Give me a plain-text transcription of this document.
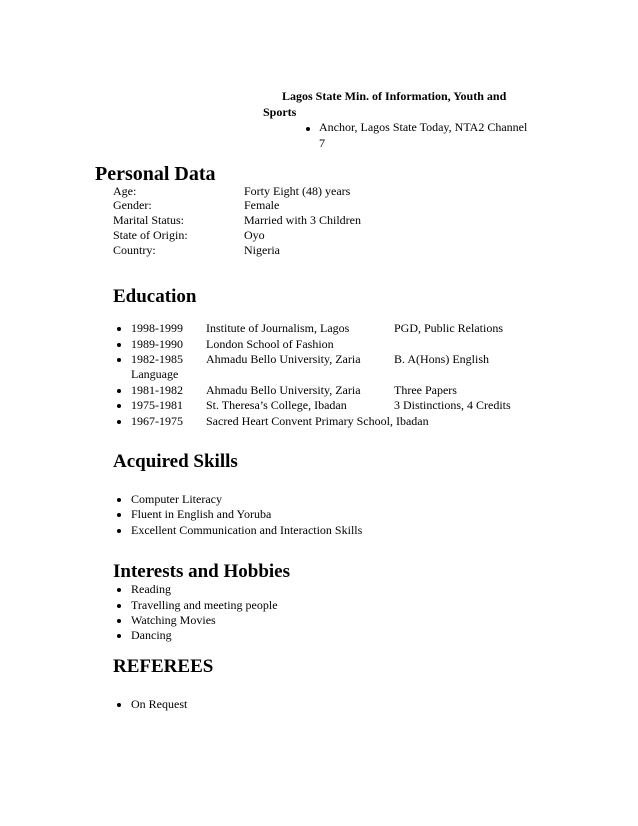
Lagos State Min. of Information, Youth and
Sports
Anchor, Lagos State Today, NTA2 Channel
7
Personal Data
Age:	Forty Eight (48) years
Gender:	Female
Marital Status:	Married with 3 Children
State of Origin:	Oyo
Country:	Nigeria
Education
1998-1999 Institute of Journalism, Lagos	PGD, Public Relations
1989-1990 London School of Fashion
1982-1985 Ahmadu Bello University, Zaria	B. A(Hons) English
Language
1981-1982 Ahmadu Bello University, Zaria	Three Papers
1975-1981 St. Theresa’s College, Ibadan	3 Distinctions, 4 Credits
1967-1975 Sacred Heart Convent Primary School, Ibadan
Acquired Skills
Computer Literacy
Fluent in English and Yoruba
Excellent Communication and Interaction Skills
Interests and Hobbies
Reading
Travelling and meeting people
Watching Movies
Dancing
REFEREES
On Request
